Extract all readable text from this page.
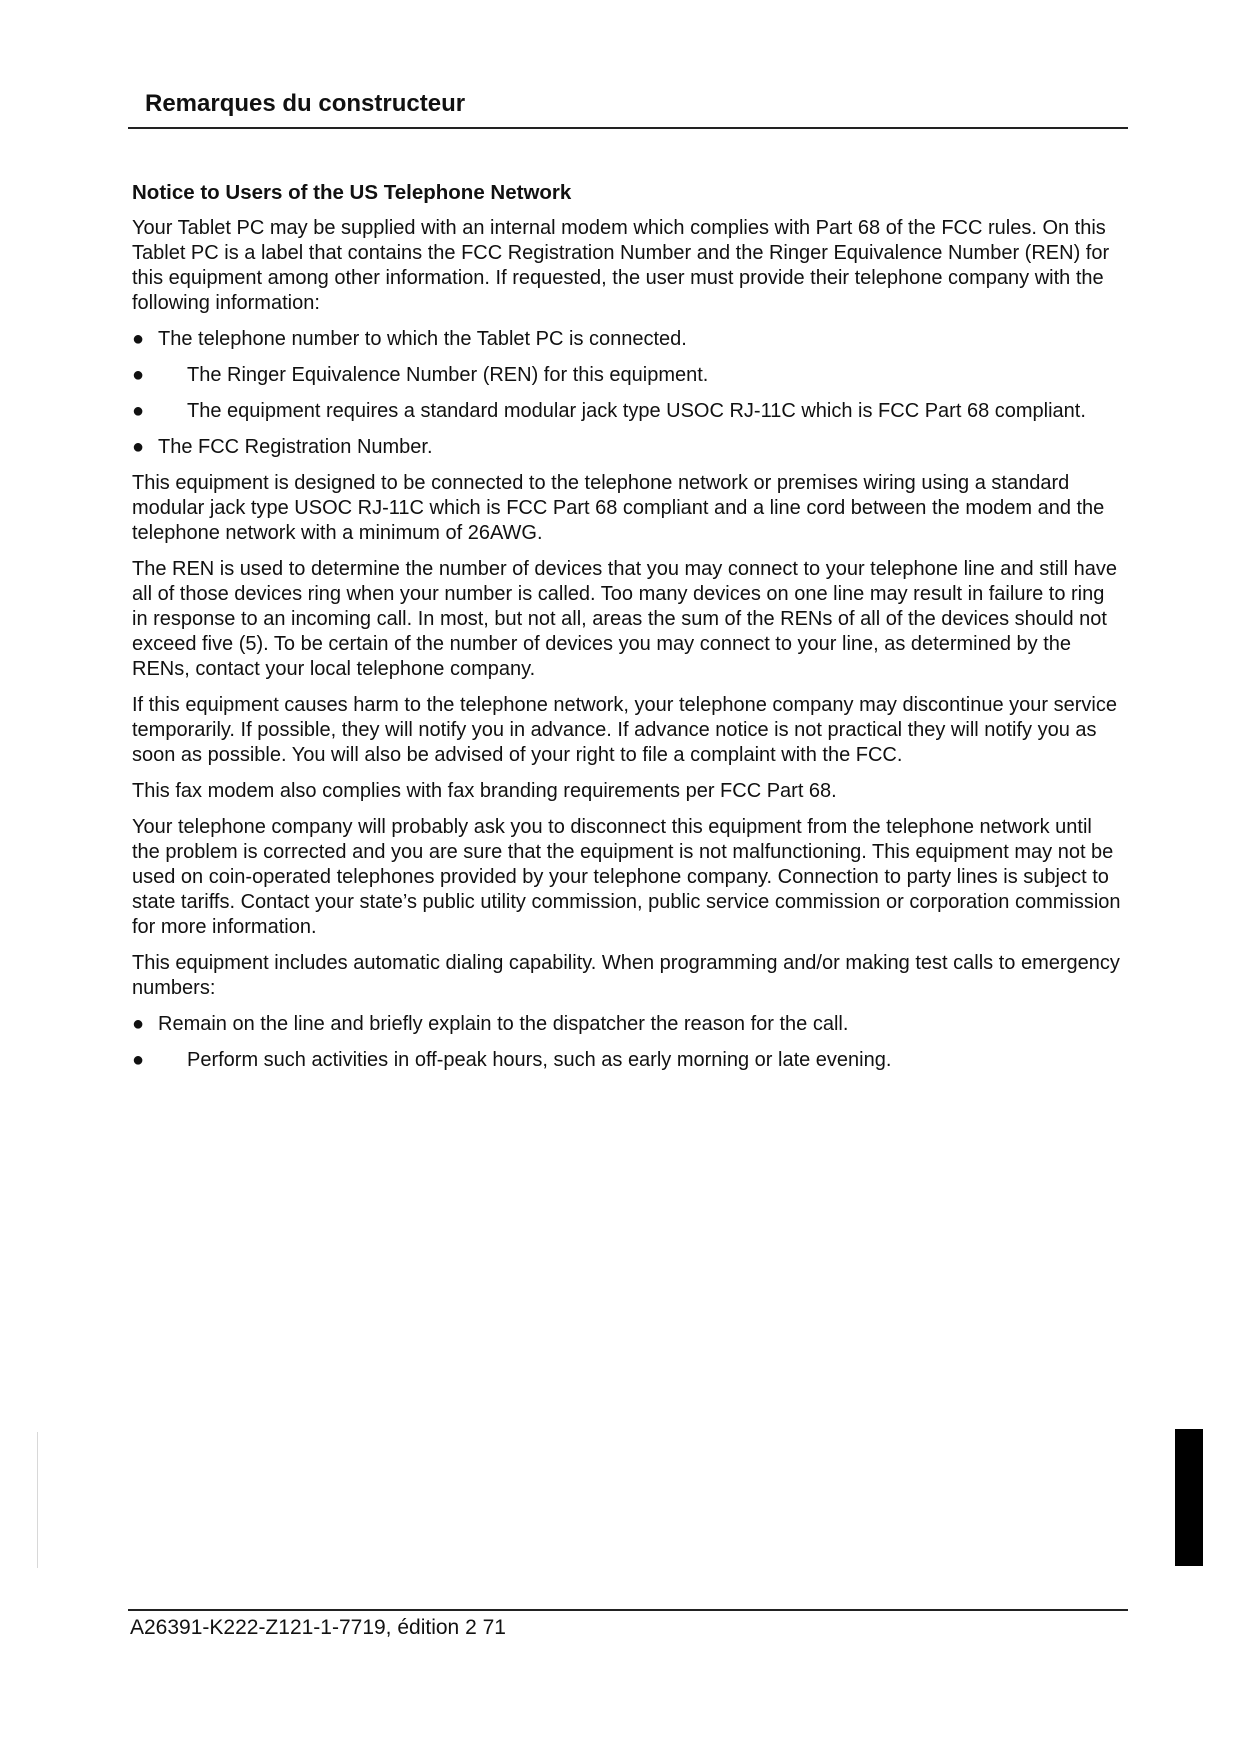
Remarques du constructeur
Notice to Users of the US Telephone Network

Your Tablet PC may be supplied with an internal modem which complies with Part 68 of the FCC rules. On this Tablet PC is a label that contains the FCC Registration Number and the Ringer Equivalence Number (REN) for this equipment among other information. If requested, the user must provide their telephone company with the following information:

● The telephone number to which the Tablet PC is connected.
●	The Ringer Equivalence Number (REN) for this equipment.
●	The equipment requires a standard modular jack type USOC RJ-11C which is FCC Part 68 compliant.
● The FCC Registration Number.

This equipment is designed to be connected to the telephone network or premises wiring using a standard modular jack type USOC RJ-11C which is FCC Part 68 compliant and a line cord between the modem and the telephone network with a minimum of 26AWG.

The REN is used to determine the number of devices that you may connect to your telephone line and still have all of those devices ring when your number is called. Too many devices on one line may result in failure to ring in response to an incoming call. In most, but not all, areas the sum of the RENs of all of the devices should not exceed five (5). To be certain of the number of devices you may connect to your line, as determined by the RENs, contact your local telephone company.

If this equipment causes harm to the telephone network, your telephone company may discontinue your service temporarily. If possible, they will notify you in advance. If advance notice is not practical they will notify you as soon as possible. You will also be advised of your right to file a complaint with the FCC.

This fax modem also complies with fax branding requirements per FCC Part 68.

Your telephone company will probably ask you to disconnect this equipment from the telephone network until the problem is corrected and you are sure that the equipment is not malfunctioning. This equipment may not be used on coin-operated telephones provided by your telephone company. Connection to party lines is subject to state tariffs. Contact your state’s public utility commission, public service commission or corporation commission for more information.

This equipment includes automatic dialing capability. When programming and/or making test calls to emergency numbers:

● Remain on the line and briefly explain to the dispatcher the reason for the call.
●	Perform such activities in off-peak hours, such as early morning or late evening.
A26391-K222-Z121-1-7719, édition 2 71
